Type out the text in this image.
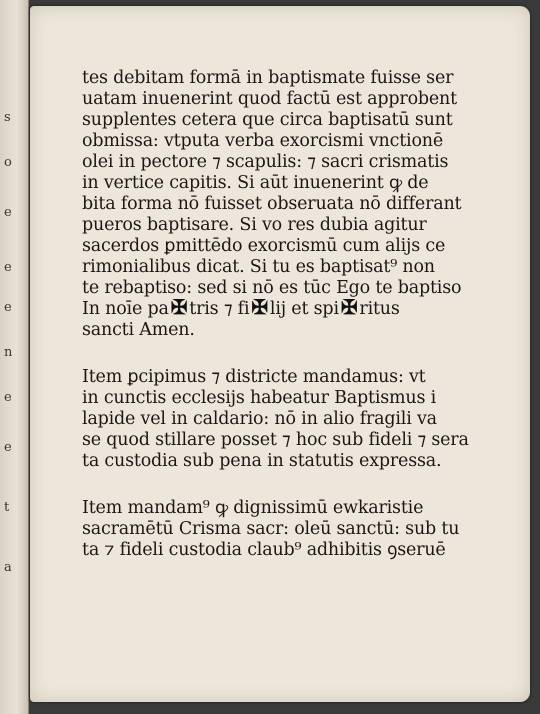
s
o
e
e
e
n
e
e
t
a
tes debitam formā in baptismate fuisse ser
uatam inuenerint quod factū est approbent
supplentes cetera que circa baptisatū sunt
obmissa: vtputa verba exorcismi vnctionē
olei in pectore ⁊ scapulis: ⁊ sacri crismatis
in vertice capitis. Si aūt inuenerint ꝙ de
bita forma nō fuisset obseruata nō differant
pueros baptisare. Si vo res dubia agitur
sacerdos ꝑmittēdo exorcismū cum alijs ce
rimonialibus dicat. Si tu es baptisat⁹ non
te rebaptiso: sed si nō es tūc Ego te baptiso
In noīe pa ✠ tris ⁊ fi ✠ lij et spi ✠ ritus
sancti Amen.
Item ꝑcipimus ⁊ districte mandamus: vt
in cunctis ecclesijs habeatur Baptismus i
lapide vel in caldario: nō in alio fragili va
se quod stillare posset ⁊ hoc sub fideli ⁊ sera
ta custodia sub pena in statutis expressa.
Item mandam⁹ ꝙ dignissimū ewkaristie
sacramētū Crisma sacr: oleū sanctū: sub tu
ta ⁊ fideli custodia claub⁹ adhibitis ꝯseruē
